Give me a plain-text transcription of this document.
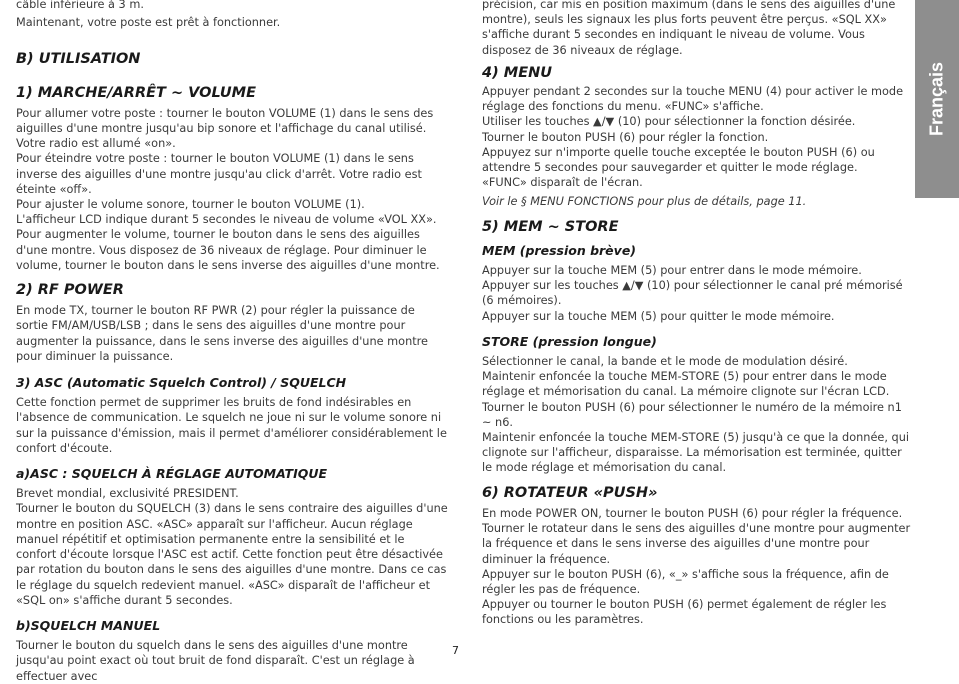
câble inférieure à 3 m.

Maintenant, votre poste est prêt à fonctionner.

B) UTILISATION
1) MARCHE/ARRÊT ~ VOLUME

Pour allumer votre poste : tourner le bouton VOLUME (1) dans le sens des aiguilles d'une montre jusqu'au bip sonore et l'affichage du canal utilisé. Votre radio est allumé «on».

Pour éteindre votre poste : tourner le bouton VOLUME (1) dans le sens inverse des aiguilles d'une montre jusqu'au click d'arrêt. Votre radio est éteinte «off».

Pour ajuster le volume sonore, tourner le bouton VOLUME (1).

L'afficheur LCD indique durant 5 secondes le niveau de volume «VOL XX».

Pour augmenter le volume, tourner le bouton dans le sens des aiguilles d'une montre. Vous disposez de 36 niveaux de réglage. Pour diminuer le volume, tourner le bouton dans le sens inverse des aiguilles d'une montre.

2) RF POWER

En mode TX, tourner le bouton RF PWR (2) pour régler la puissance de sortie FM/AM/USB/LSB ; dans le sens des aiguilles d'une montre pour augmenter la puissance, dans le sens inverse des aiguilles d'une montre pour diminuer la puissance.

3) ASC (Automatic Squelch Control) / SQUELCH

Cette fonction permet de supprimer les bruits de fond indésirables en l'absence de communication. Le squelch ne joue ni sur le volume sonore ni sur la puissance d'émission, mais il permet d'améliorer considérablement le confort d'écoute.

a)ASC : SQUELCH À RÉGLAGE AUTOMATIQUE

Brevet mondial, exclusivité PRESIDENT.

Tourner le bouton du SQUELCH (3) dans le sens contraire des aiguilles d'une montre en position ASC. «ASC» apparaît sur l'afficheur. Aucun réglage manuel répétitif et optimisation permanente entre la sensibilité et le confort d'écoute lorsque l'ASC est actif. Cette fonction peut être désactivée par rotation du bouton dans le sens des aiguilles d'une montre. Dans ce cas le réglage du squelch redevient manuel. «ASC» disparaît de l'afficheur et «SQL on» s'affiche durant 5 secondes.

b)SQUELCH MANUEL

Tourner le bouton du squelch dans le sens des aiguilles d'une montre jusqu'au point exact où tout bruit de fond disparaît. C'est un réglage à effectuer avec

précision, car mis en position maximum (dans le sens des aiguilles d'une montre), seuls les signaux les plus forts peuvent être perçus. «SQL XX» s'affiche durant 5 secondes en indiquant le niveau de volume. Vous disposez de 36 niveaux de réglage.

4) MENU

Appuyer pendant 2 secondes sur la touche MENU (4) pour activer le mode réglage des fonctions du menu. «FUNC» s'affiche.

Utiliser les touches ▲/▼ (10) pour sélectionner la fonction désirée.

Tourner le bouton PUSH (6) pour régler la fonction.

Appuyez sur n'importe quelle touche exceptée le bouton PUSH (6) ou attendre 5 secondes pour sauvegarder et quitter le mode réglage.

«FUNC» disparaît de l'écran.

Voir le § MENU FONCTIONS pour plus de détails, page 11.

5) MEM ~ STORE
MEM (pression brève)

Appuyer sur la touche MEM (5) pour entrer dans le mode mémoire.

Appuyer sur les touches ▲/▼ (10) pour sélectionner le canal pré mémorisé (6 mémoires).

Appuyer sur la touche MEM (5) pour quitter le mode mémoire.

STORE (pression longue)

Sélectionner le canal, la bande et le mode de modulation désiré.

Maintenir enfoncée la touche MEM-STORE (5) pour entrer dans le mode réglage et mémorisation du canal. La mémoire clignote sur l'écran LCD.

Tourner le bouton PUSH (6) pour sélectionner le numéro de la mémoire n1 ~ n6.

Maintenir enfoncée la touche MEM-STORE (5) jusqu'à ce que la donnée, qui clignote sur l'afficheur, disparaisse. La mémorisation est terminée, quitter le mode réglage et mémorisation du canal.

6) ROTATEUR «PUSH»

En mode POWER ON, tourner le bouton PUSH (6) pour régler la fréquence. Tourner le rotateur dans le sens des aiguilles d'une montre pour augmenter la fréquence et dans le sens inverse des aiguilles d'une montre pour diminuer la fréquence.

Appuyer sur le bouton PUSH (6), «_» s'affiche sous la fréquence, afin de régler les pas de fréquence.

Appuyer ou tourner le bouton PUSH (6) permet également de régler les fonctions ou les paramètres.

Français
7
